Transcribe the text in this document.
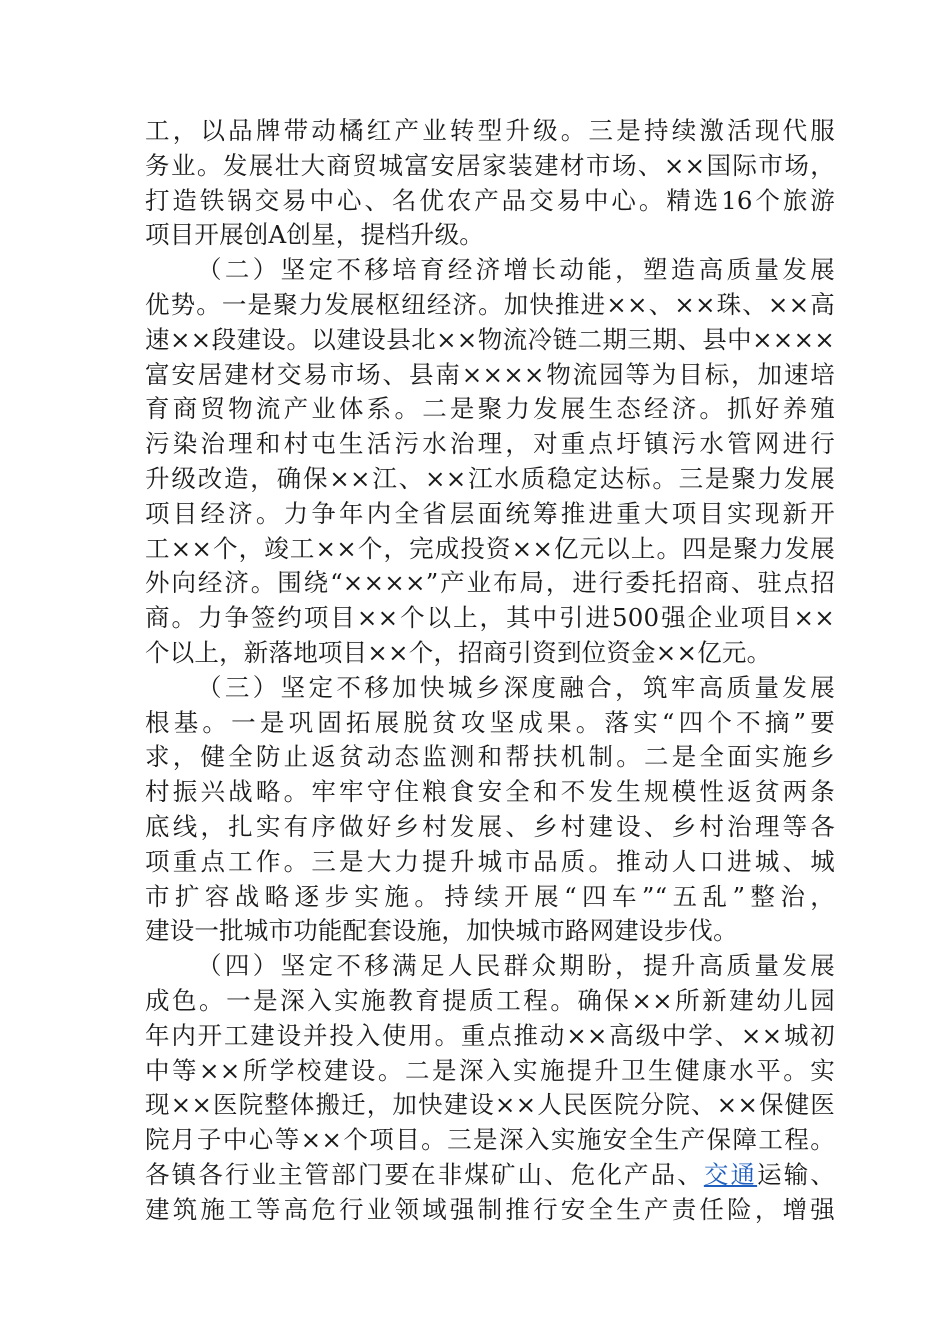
工，以品牌带动橘红产业转型升级。三是持续激活现代服
务业。发展壮大商贸城富安居家装建材市场、××国际市场，
打造铁锅交易中心、名优农产品交易中心。精选16个旅游
项目开展创A创星，提档升级。
（二）坚定不移培育经济增长动能，塑造高质量发展
优势。一是聚力发展枢纽经济。加快推进××、××珠、××高
速××段建设。以建设县北××物流冷链二期三期、县中××××
富安居建材交易市场、县南××××物流园等为目标，加速培
育商贸物流产业体系。二是聚力发展生态经济。抓好养殖
污染治理和村屯生活污水治理，对重点圩镇污水管网进行
升级改造，确保××江、××江水质稳定达标。三是聚力发展
项目经济。力争年内全省层面统筹推进重大项目实现新开
工××个，竣工××个，完成投资××亿元以上。四是聚力发展
外向经济。围绕“××××”产业布局，进行委托招商、驻点招
商。力争签约项目××个以上，其中引进500强企业项目××
个以上，新落地项目××个，招商引资到位资金××亿元。
（三）坚定不移加快城乡深度融合，筑牢高质量发展
根基。一是巩固拓展脱贫攻坚成果。落实“四个不摘”要
求，健全防止返贫动态监测和帮扶机制。二是全面实施乡
村振兴战略。牢牢守住粮食安全和不发生规模性返贫两条
底线，扎实有序做好乡村发展、乡村建设、乡村治理等各
项重点工作。三是大力提升城市品质。推动人口进城、城
市扩容战略逐步实施。持续开展“四车”“五乱”整治，
建设一批城市功能配套设施，加快城市路网建设步伐。
（四）坚定不移满足人民群众期盼，提升高质量发展
成色。一是深入实施教育提质工程。确保××所新建幼儿园
年内开工建设并投入使用。重点推动××高级中学、××城初
中等××所学校建设。二是深入实施提升卫生健康水平。实
现××医院整体搬迁，加快建设××人民医院分院、××保健医
院月子中心等××个项目。三是深入实施安全生产保障工程。
各镇各行业主管部门要在非煤矿山、危化产品、交通运输、
建筑施工等高危行业领域强制推行安全生产责任险，增强
